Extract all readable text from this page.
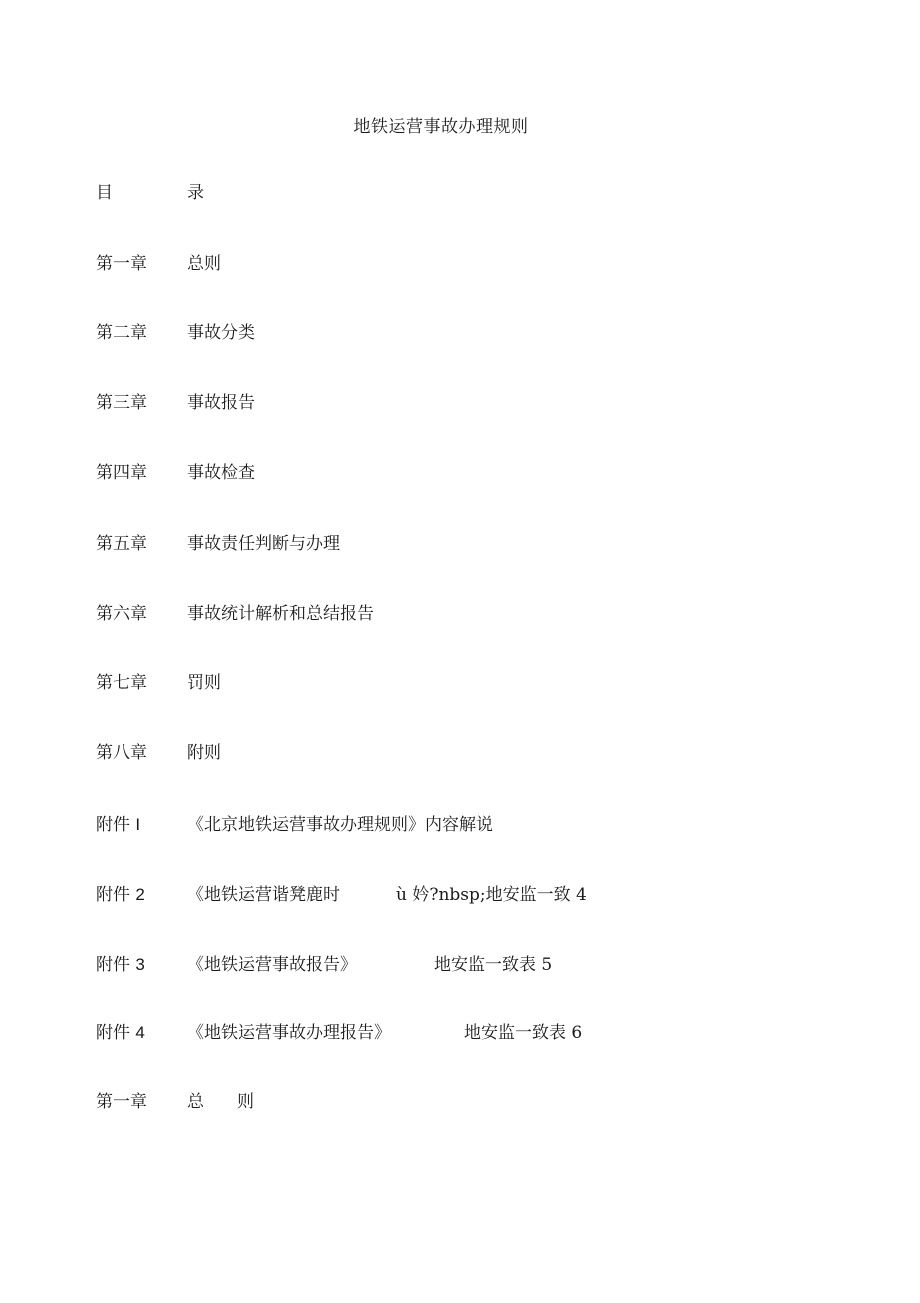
地铁运营事故办理规则
目	录
第一章 总则
第二章 事故分类
第三章 事故报告
第四章 事故检查
第五章 事故责任判断与办理
第六章 事故统计解析和总结报告
第七章 罚则
第八章 附则
附件 I	《北京地铁运营事故办理规则》内容解说
附件 2 《地铁运营谐凳鹿时	ù 妗?nbsp;地安监一致 4
附件 3 《地铁运营事故报告》	地安监一致表 5
附件 4 《地铁运营事故办理报告》	地安监一致表 6
第一章 总 则
